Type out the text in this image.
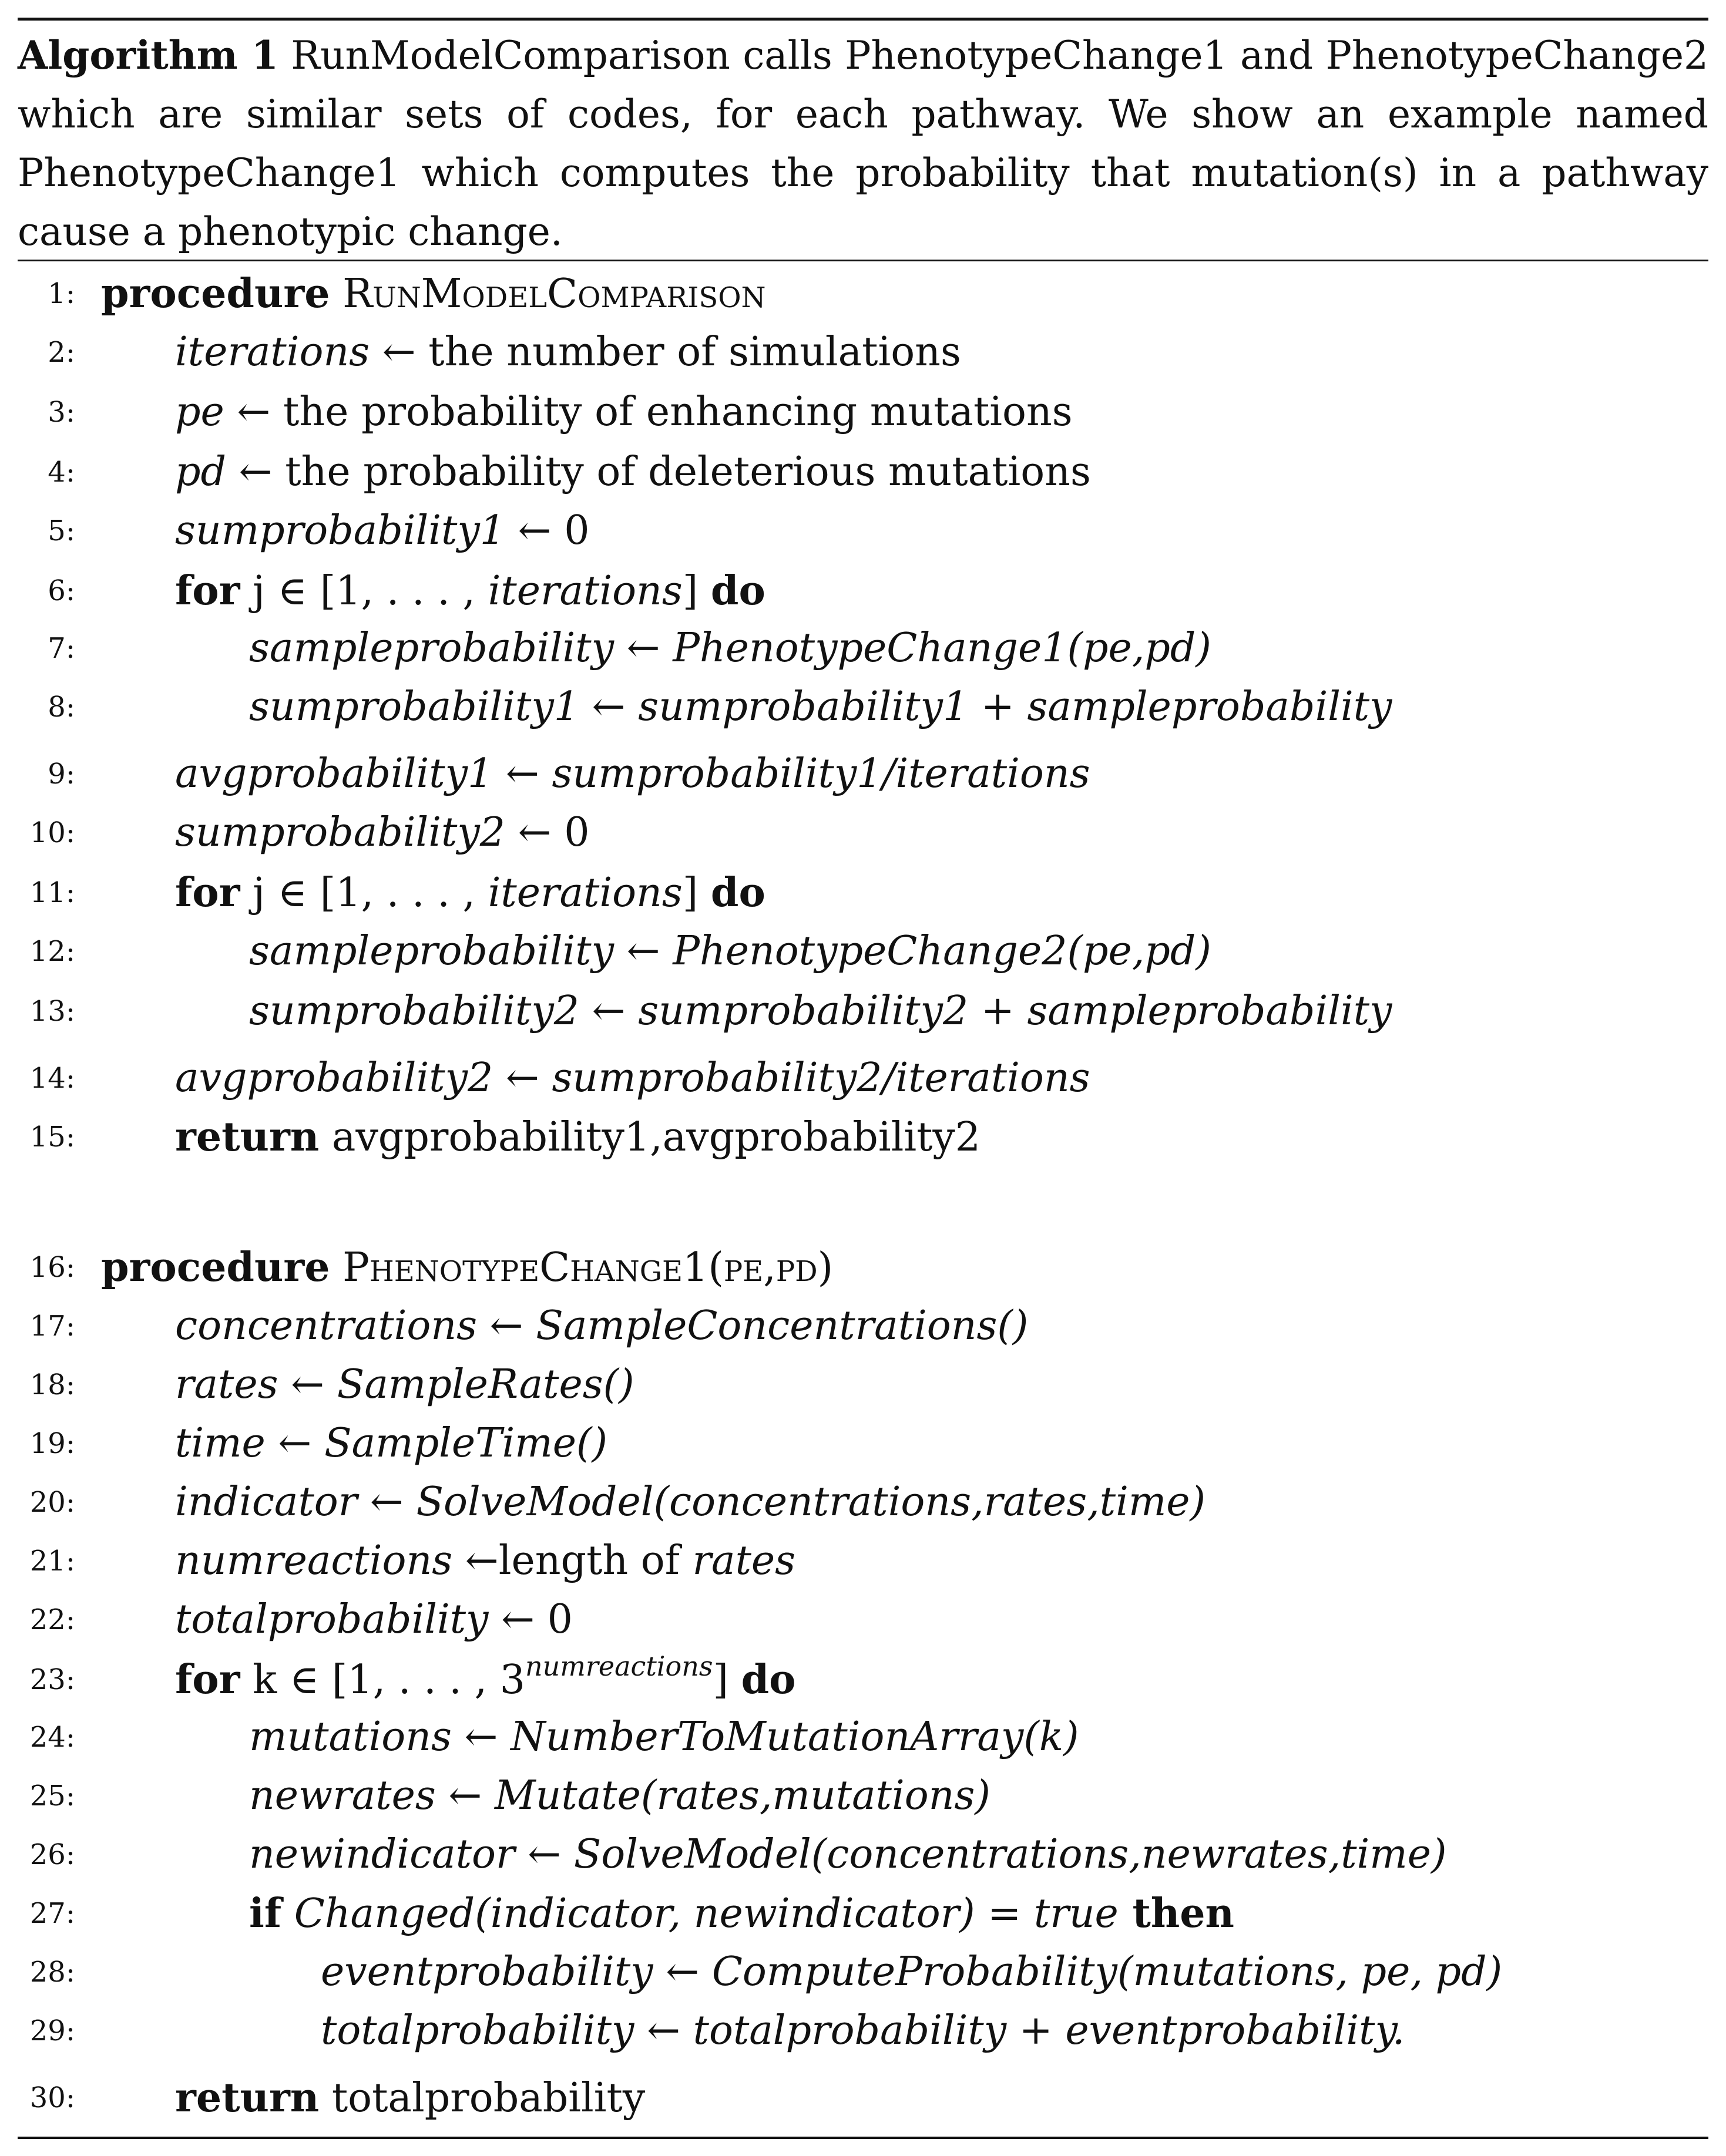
Algorithm 1 RunModelComparison calls PhenotypeChange1 and PhenotypeChange2 which are similar sets of codes, for each pathway. We show an example named PhenotypeChange1 which computes the probability that mutation(s) in a pathway cause a phenotypic change.
1: procedure RunModelComparison
2:	iterations ← the number of simulations
3:	pe ← the probability of enhancing mutations
4:	pd ← the probability of deleterious mutations
5:	sumprobability1 ← 0
6:	for j ∈ [1, . . . , iterations] do
7:	sampleprobability ← PhenotypeChange1(pe,pd)
8:	sumprobability1 ← sumprobability1 + sampleprobability
9:	avgprobability1 ← sumprobability1/iterations
10:	sumprobability2 ← 0
11:	for j ∈ [1, . . . , iterations] do
12:	sampleprobability ← PhenotypeChange2(pe,pd)
13:	sumprobability2 ← sumprobability2 + sampleprobability
14:	avgprobability2 ← sumprobability2/iterations
15:	return avgprobability1,avgprobability2
16: procedure PhenotypeChange1(pe,pd)
17:	concentrations ← SampleConcentrations()
18:	rates ← SampleRates()
19:	time ← SampleTime()
20:	indicator ← SolveModel(concentrations,rates,time)
21:	numreactions ←length of rates
22:	totalprobability ← 0
23:	for k ∈ [1, . . . , $3^{numreactions}$] do
24:	mutations ← NumberToMutationArray(k)
25:	newrates ← Mutate(rates,mutations)
26:	newindicator ← SolveModel(concentrations,newrates,time)
27:	if Changed(indicator, newindicator) = true then
28:	eventprobability ← ComputeProbability(mutations, pe, pd)
29:	totalprobability ← totalprobability + eventprobability.
30:	return totalprobability
